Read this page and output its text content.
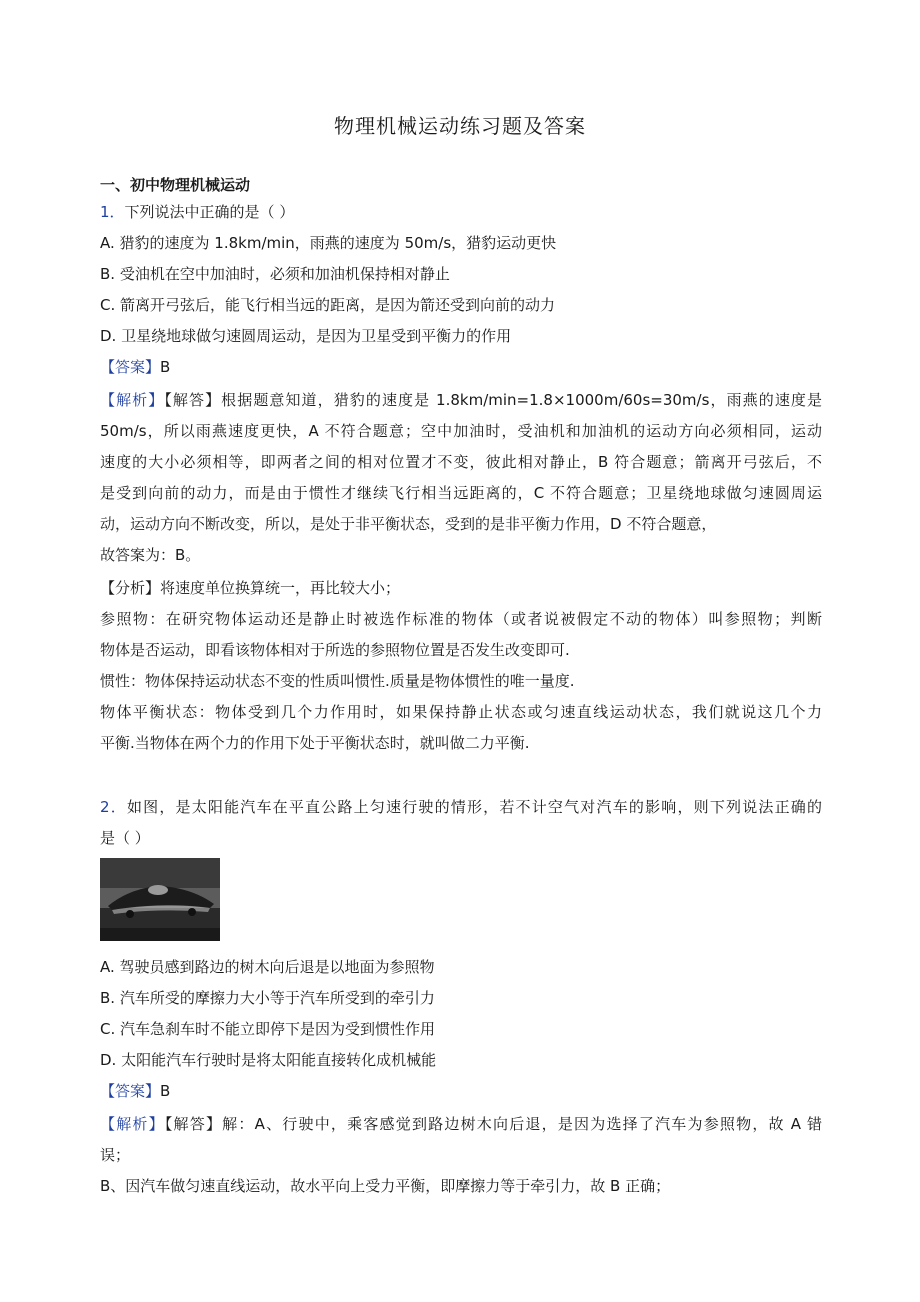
物理机械运动练习题及答案
一、初中物理机械运动
1．下列说法中正确的是（ ）
A. 猎豹的速度为 1.8km/min，雨燕的速度为 50m/s，猎豹运动更快
B. 受油机在空中加油时，必须和加油机保持相对静止
C. 箭离开弓弦后，能飞行相当远的距离，是因为箭还受到向前的动力
D. 卫星绕地球做匀速圆周运动，是因为卫星受到平衡力的作用
【答案】B
【解析】【解答】根据题意知道，猎豹的速度是 1.8km/min=1.8×1000m/60s=30m/s，雨燕的速度是
50m/s，所以雨燕速度更快，A 不符合题意；空中加油时，受油机和加油机的运动方向必须相同，运动
速度的大小必须相等，即两者之间的相对位置才不变，彼此相对静止，B 符合题意；箭离开弓弦后，不
是受到向前的动力，而是由于惯性才继续飞行相当远距离的，C 不符合题意；卫星绕地球做匀速圆周运
动，运动方向不断改变，所以，是处于非平衡状态，受到的是非平衡力作用，D 不符合题意，
故答案为：B。
【分析】将速度单位换算统一，再比较大小；
参照物：在研究物体运动还是静止时被选作标准的物体（或者说被假定不动的物体）叫参照物；判断
物体是否运动，即看该物体相对于所选的参照物位置是否发生改变即可.
惯性：物体保持运动状态不变的性质叫惯性.质量是物体惯性的唯一量度.
物体平衡状态：物体受到几个力作用时，如果保持静止状态或匀速直线运动状态，我们就说这几个力
平衡.当物体在两个力的作用下处于平衡状态时，就叫做二力平衡.
2．如图，是太阳能汽车在平直公路上匀速行驶的情形，若不计空气对汽车的影响，则下列说法正确的
是（ ）
A. 驾驶员感到路边的树木向后退是以地面为参照物
B. 汽车所受的摩擦力大小等于汽车所受到的牵引力
C. 汽车急刹车时不能立即停下是因为受到惯性作用
D. 太阳能汽车行驶时是将太阳能直接转化成机械能
【答案】B
【解析】【解答】解：A、行驶中，乘客感觉到路边树木向后退，是因为选择了汽车为参照物，故 A 错
误；
B、因汽车做匀速直线运动，故水平向上受力平衡，即摩擦力等于牵引力，故 B 正确；
